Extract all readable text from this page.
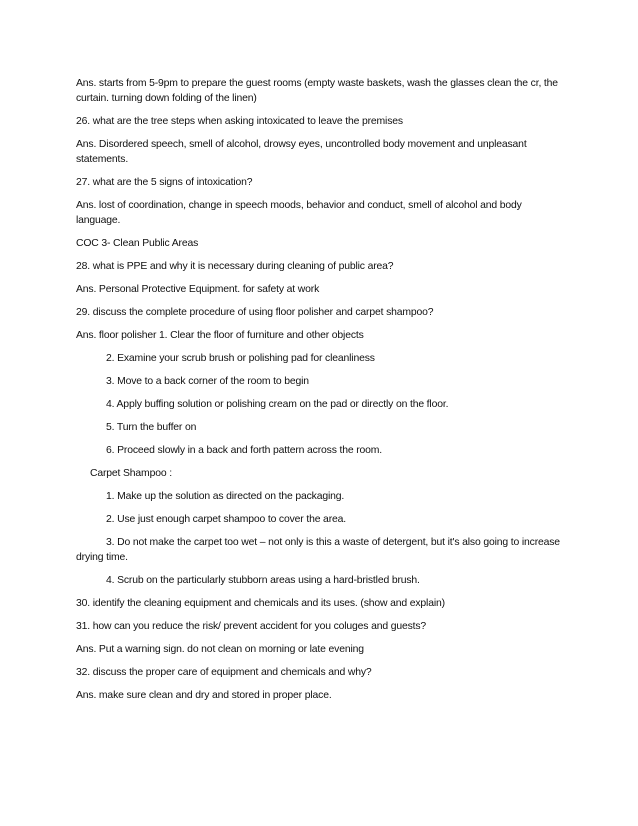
Ans. starts from 5-9pm to prepare the guest rooms (empty waste baskets, wash the glasses clean the cr, the curtain. turning down folding of the linen)

26. what are the tree steps when asking intoxicated to leave the premises

Ans. Disordered speech, smell of alcohol, drowsy eyes, uncontrolled body movement and unpleasant statements.

27. what are the 5 signs of intoxication?

Ans. lost of coordination, change in speech moods, behavior and conduct, smell of alcohol and body language.

COC 3- Clean Public Areas

28. what is PPE and why it is necessary during cleaning of public area?

Ans. Personal Protective Equipment. for safety at work

29. discuss the complete procedure of using floor polisher and carpet shampoo?

Ans. floor polisher 1. Clear the floor of furniture and other objects

2. Examine your scrub brush or polishing pad for cleanliness

3. Move to a back corner of the room to begin

4. Apply buffing solution or polishing cream on the pad or directly on the floor.

5. Turn the buffer on

6. Proceed slowly in a back and forth pattern across the room.

Carpet Shampoo :

1. Make up the solution as directed on the packaging.

2. Use just enough carpet shampoo to cover the area.

3. Do not make the carpet too wet – not only is this a waste of detergent, but it's also going to increase drying time.

4. Scrub on the particularly stubborn areas using a hard-bristled brush.

30. identify the cleaning equipment and chemicals and its uses. (show and explain)

31. how can you reduce the risk/ prevent accident for you coluges and guests?

Ans. Put a warning sign. do not clean on morning or late evening

32. discuss the proper care of equipment and chemicals and why?

Ans. make sure clean and dry and stored in proper place.
